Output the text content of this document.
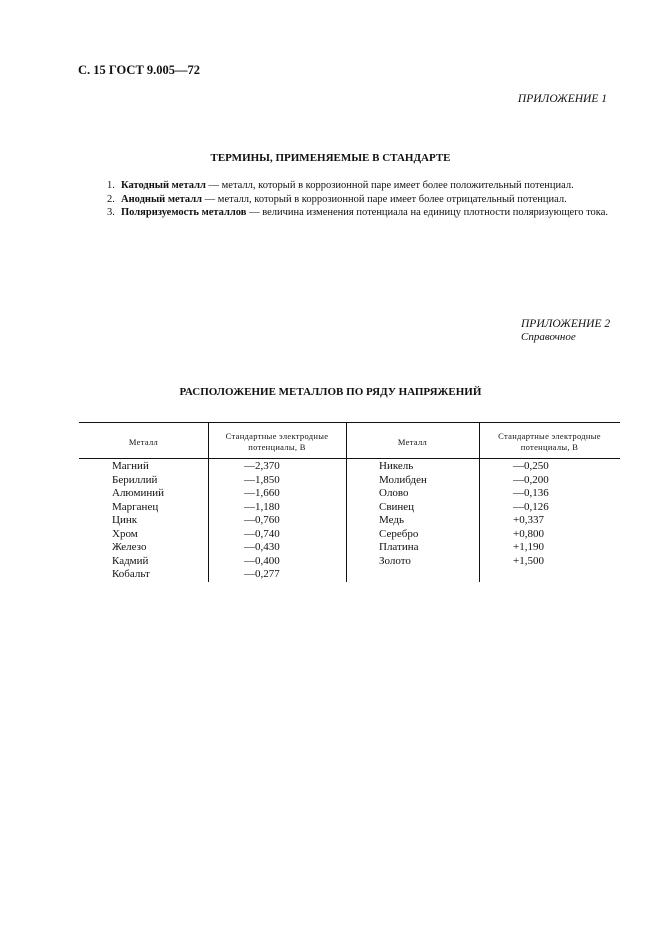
С. 15 ГОСТ 9.005—72
ПРИЛОЖЕНИЕ 1
ТЕРМИНЫ, ПРИМЕНЯЕМЫЕ В СТАНДАРТЕ
1. Катодный металл — металл, который в коррозионной паре имеет более положительный потенциал.
2. Анодный металл — металл, который в коррозионной паре имеет более отрицательный потенциал.
3. Поляризуемость металлов — величина изменения потенциала на единицу плотности поляризующего тока.
ПРИЛОЖЕНИЕ 2
Справочное
РАСПОЛОЖЕНИЕ МЕТАЛЛОВ ПО РЯДУ НАПРЯЖЕНИЙ
Металл
Стандартные электродные потенциалы, В
Металл
Стандартные электродные потенциалы, В
Магний
Бериллий
Алюминий
Марганец
Цинк
Хром
Железо
Кадмий
Кобальт
—2,370
—1,850
—1,660
—1,180
—0,760
—0,740
—0,430
—0,400
—0,277
Никель
Молибден
Олово
Свинец
Медь
Серебро
Платина
Золото
—0,250
—0,200
—0,136
—0,126
+0,337
+0,800
+1,190
+1,500
